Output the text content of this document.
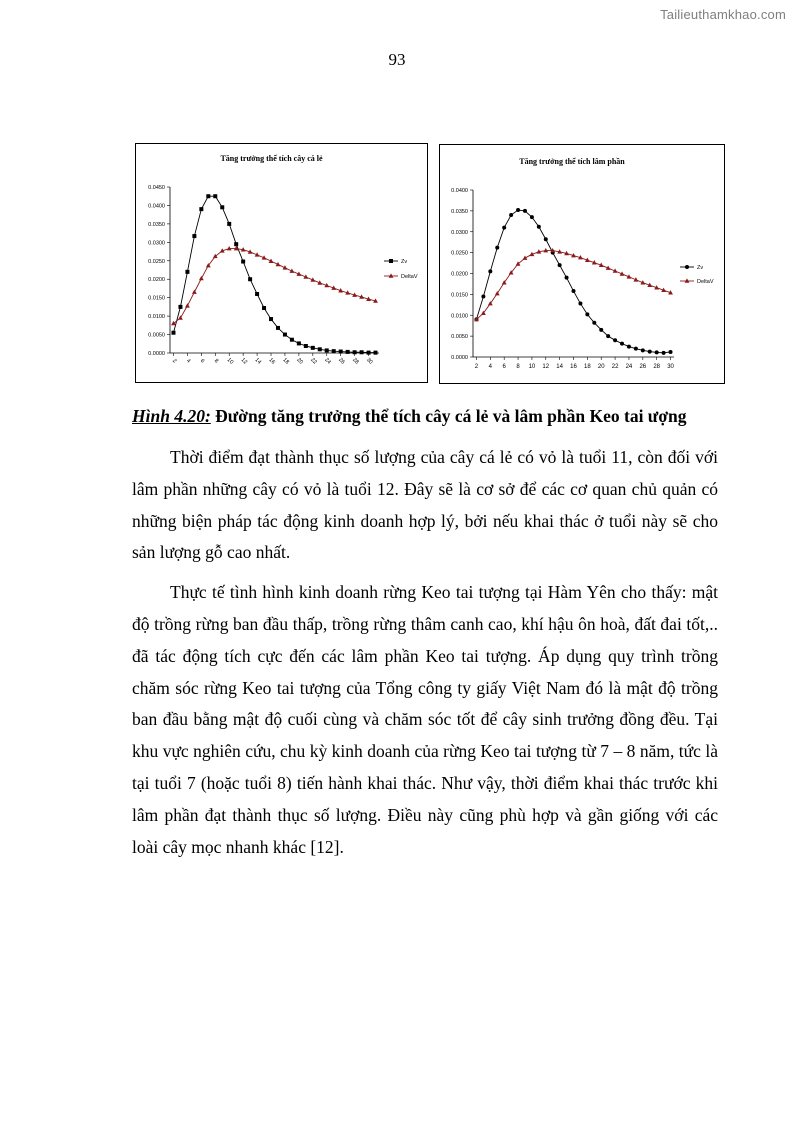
Tailieuthamkhao.com
93
Tăng trưởng thể tích cây cá lẻ
0.0000
0.0050
0.0100
0.0150
0.0200
0.0250
0.0300
0.0350
0.0400
0.0450
2 4 6 8 10 12 14 16 18 20 22 24 26 28 30
Zv
DeltaV
Tăng trưởng thể tích lâm phần
0.0000
0.0050
0.0100
0.0150
0.0200
0.0250
0.0300
0.0350
0.0400
2 4 6 8 10 12 14 16 18 20 22 24 26 28 30
Zv
DeltaV
Hình 4.20: Đường tăng trưởng thể tích cây cá lẻ và lâm phần Keo tai ượng

Thời điểm đạt thành thục số lượng của cây cá lẻ có vỏ là tuổi 11, còn đối với lâm phần những cây có vỏ là tuổi 12. Đây sẽ là cơ sở để các cơ quan chủ quản có những biện pháp tác động kinh doanh hợp lý, bởi nếu khai thác ở tuổi này sẽ cho sản lượng gỗ cao nhất.

Thực tế tình hình kinh doanh rừng Keo tai tượng tại Hàm Yên cho thấy: mật độ trồng rừng ban đầu thấp, trồng rừng thâm canh cao, khí hậu ôn hoà, đất đai tốt,.. đã tác động tích cực đến các lâm phần Keo tai tượng. Áp dụng quy trình trồng chăm sóc rừng Keo tai tượng của Tổng công ty giấy Việt Nam đó là mật độ trồng ban đầu bằng mật độ cuối cùng và chăm sóc tốt để cây sinh trưởng đồng đều. Tại khu vực nghiên cứu, chu kỳ kinh doanh của rừng Keo tai tượng từ 7 – 8 năm, tức là tại tuổi 7 (hoặc tuổi 8) tiến hành khai thác. Như vậy, thời điểm khai thác trước khi lâm phần đạt thành thục số lượng. Điều này cũng phù hợp và gần giống với các loài cây mọc nhanh khác [12].
